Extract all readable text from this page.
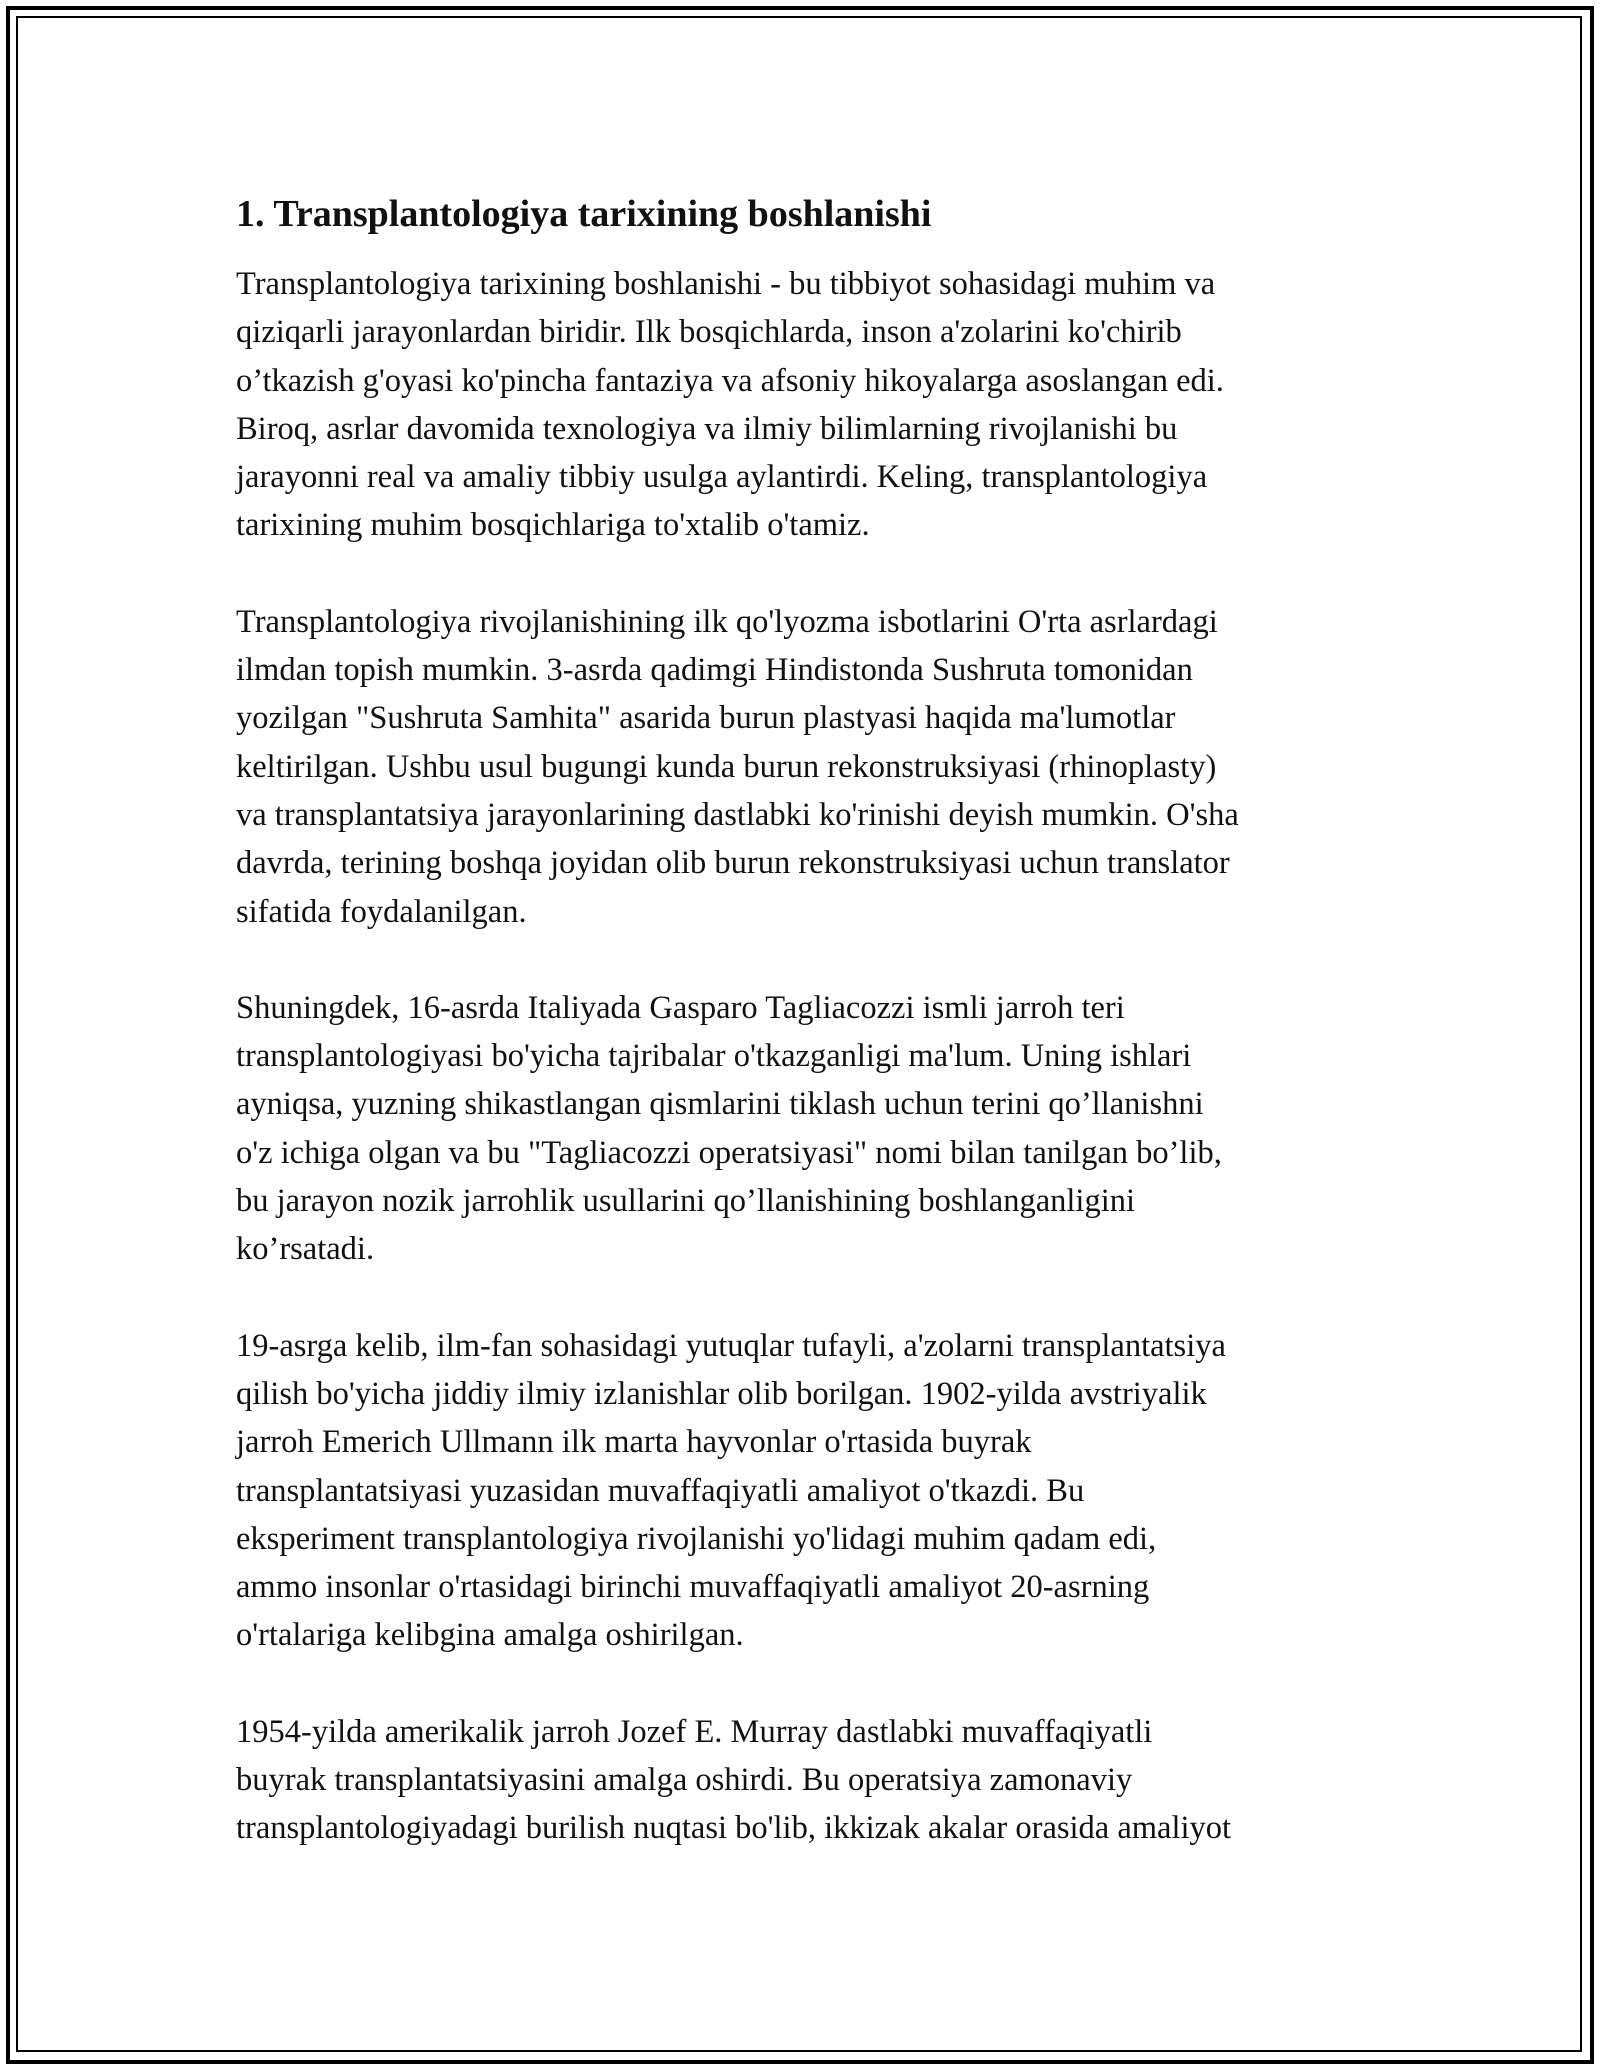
1. Transplantologiya tarixining boshlanishi

Transplantologiya tarixining boshlanishi - bu tibbiyot sohasidagi muhim va
qiziqarli jarayonlardan biridir. Ilk bosqichlarda, inson a'zolarini ko'chirib
o’tkazish g'oyasi ko'pincha fantaziya va afsoniy hikoyalarga asoslangan edi.
Biroq, asrlar davomida texnologiya va ilmiy bilimlarning rivojlanishi bu
jarayonni real va amaliy tibbiy usulga aylantirdi. Keling, transplantologiya
tarixining muhim bosqichlariga to'xtalib o'tamiz.

Transplantologiya rivojlanishining ilk qo'lyozma isbotlarini O'rta asrlardagi
ilmdan topish mumkin. 3-asrda qadimgi Hindistonda Sushruta tomonidan
yozilgan "Sushruta Samhita" asarida burun plastyasi haqida ma'lumotlar
keltirilgan. Ushbu usul bugungi kunda burun rekonstruksiyasi (rhinoplasty)
va transplantatsiya jarayonlarining dastlabki ko'rinishi deyish mumkin. O'sha
davrda, terining boshqa joyidan olib burun rekonstruksiyasi uchun translator
sifatida foydalanilgan.

Shuningdek, 16-asrda Italiyada Gasparo Tagliacozzi ismli jarroh teri
transplantologiyasi bo'yicha tajribalar o'tkazganligi ma'lum. Uning ishlari
ayniqsa, yuzning shikastlangan qismlarini tiklash uchun terini qo’llanishni
o'z ichiga olgan va bu "Tagliacozzi operatsiyasi" nomi bilan tanilgan bo’lib,
bu jarayon nozik jarrohlik usullarini qo’llanishining boshlanganligini
ko’rsatadi.

19-asrga kelib, ilm-fan sohasidagi yutuqlar tufayli, a'zolarni transplantatsiya
qilish bo'yicha jiddiy ilmiy izlanishlar olib borilgan. 1902-yilda avstriyalik
jarroh Emerich Ullmann ilk marta hayvonlar o'rtasida buyrak
transplantatsiyasi yuzasidan muvaffaqiyatli amaliyot o'tkazdi. Bu
eksperiment transplantologiya rivojlanishi yo'lidagi muhim qadam edi,
ammo insonlar o'rtasidagi birinchi muvaffaqiyatli amaliyot 20-asrning
o'rtalariga kelibgina amalga oshirilgan.

1954-yilda amerikalik jarroh Jozef E. Murray dastlabki muvaffaqiyatli
buyrak transplantatsiyasini amalga oshirdi. Bu operatsiya zamonaviy
transplantologiyadagi burilish nuqtasi bo'lib, ikkizak akalar orasida amaliyot
